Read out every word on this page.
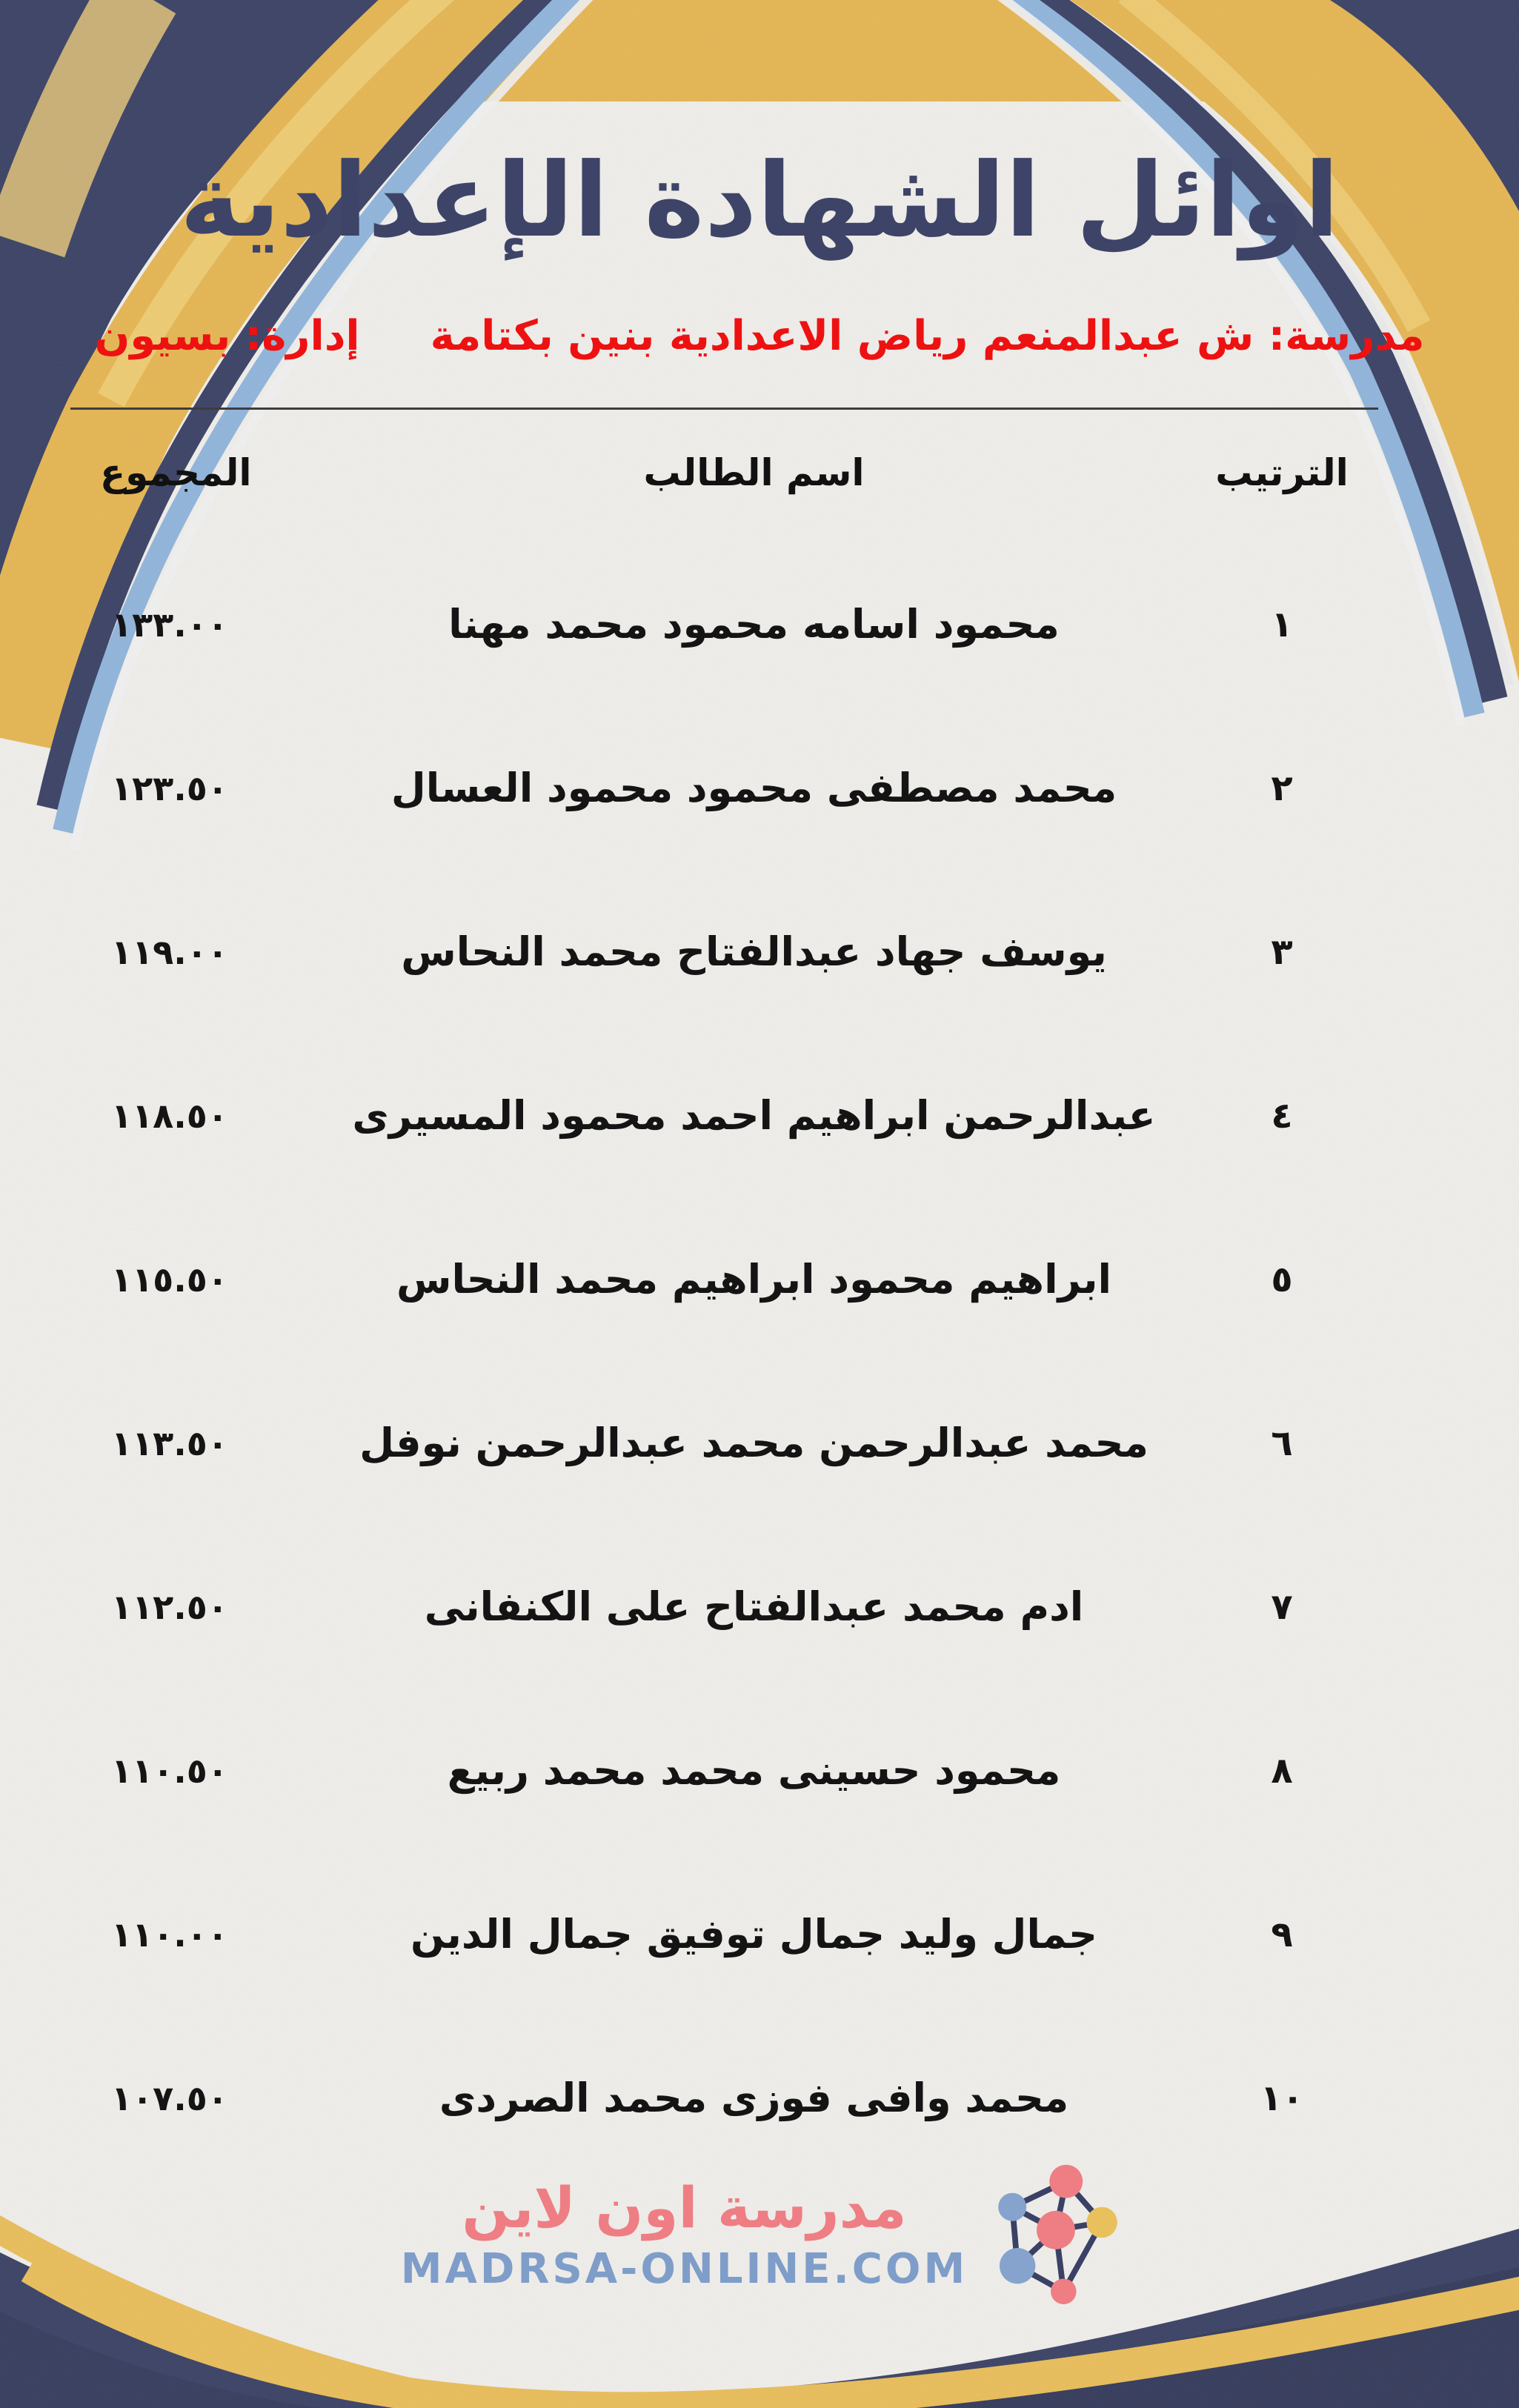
اوائل الشهادة الإعدادية
مدرسة: ش عبدالمنعم رياض الاعدادية بنين بكتامة
إدارة: بسيون
المجموع	اسم الطالب	الترتيب
١٣٣.٠٠	محمود اسامه محمود محمد مهنا	١
١٢٣.٥٠	محمد مصطفى محمود محمود العسال	٢
١١٩.٠٠	يوسف جهاد عبدالفتاح محمد النحاس	٣
١١٨.٥٠	عبدالرحمن ابراهيم احمد محمود المسيرى	٤
١١٥.٥٠	ابراهيم محمود ابراهيم محمد النحاس	٥
١١٣.٥٠	محمد عبدالرحمن محمد عبدالرحمن نوفل	٦
١١٢.٥٠	ادم محمد عبدالفتاح على الكنفانى	٧
١١٠.٥٠	محمود حسينى محمد محمد ربيع	٨
١١٠.٠٠	جمال وليد جمال توفيق جمال الدين	٩
١٠٧.٥٠	محمد وافى فوزى محمد الصردى	١٠
مدرسة اون لاين
MADRSA-ONLINE.COM
